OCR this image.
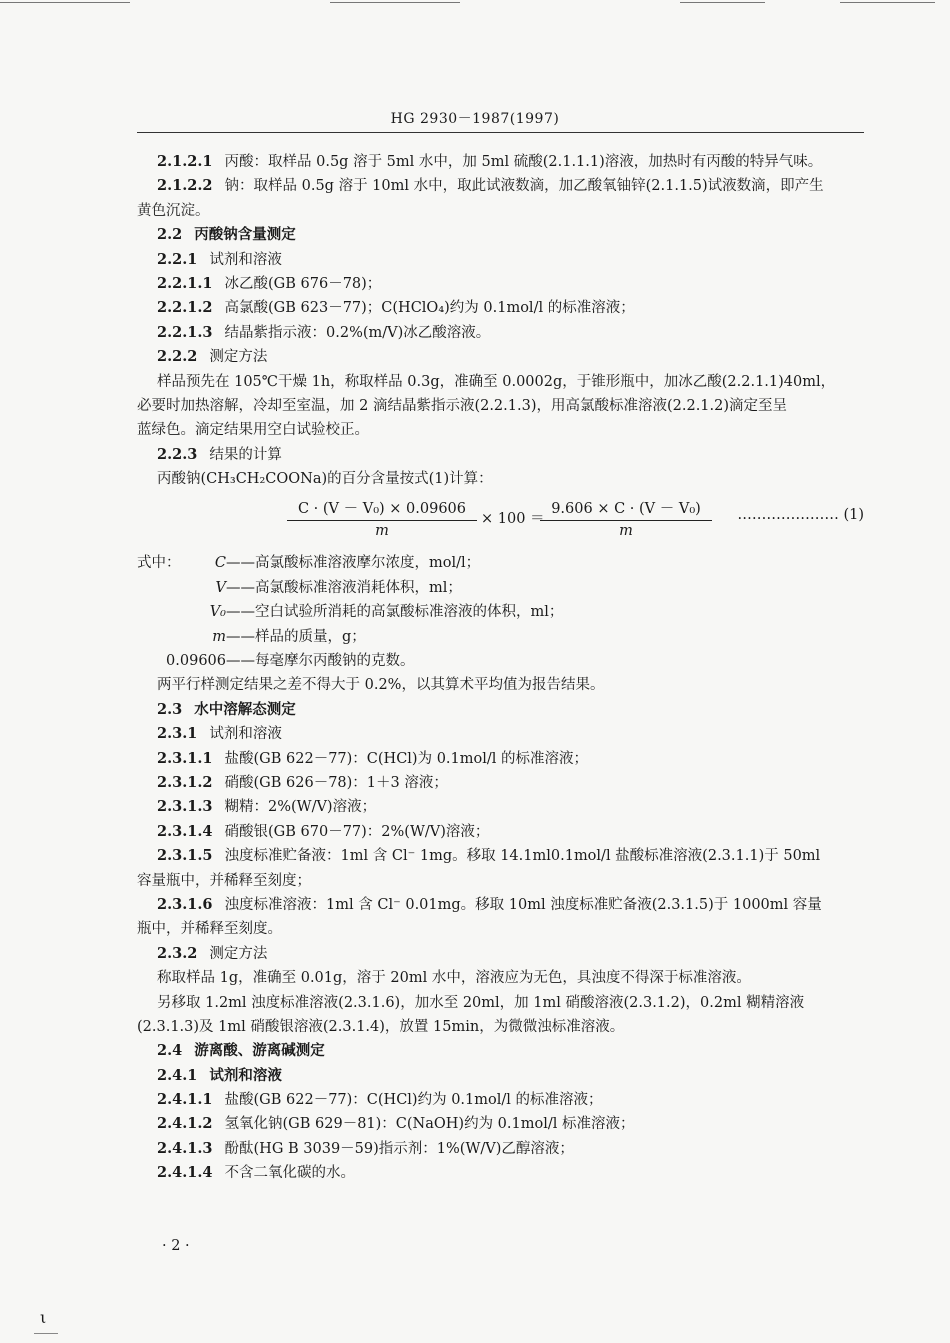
HG 2930－1987(1997)
2.1.2.1 丙酸：取样品 0.5g 溶于 5ml 水中，加 5ml 硫酸(2.1.1.1)溶液，加热时有丙酸的特异气味。
2.1.2.2 钠：取样品 0.5g 溶于 10ml 水中，取此试液数滴，加乙酸氧铀锌(2.1.1.5)试液数滴，即产生
黄色沉淀。
2.2 丙酸钠含量测定
2.2.1 试剂和溶液
2.2.1.1 冰乙酸(GB 676－78)；
2.2.1.2 高氯酸(GB 623－77)；C(HClO₄)约为 0.1mol/l 的标准溶液；
2.2.1.3 结晶紫指示液：0.2%(m/V)冰乙酸溶液。
2.2.2 测定方法
样品预先在 105℃干燥 1h，称取样品 0.3g，准确至 0.0002g，于锥形瓶中，加冰乙酸(2.2.1.1)40ml，
必要时加热溶解，冷却至室温，加 2 滴结晶紫指示液(2.2.1.3)，用高氯酸标准溶液(2.2.1.2)滴定至呈
蓝绿色。滴定结果用空白试验校正。
2.2.3 结果的计算
丙酸钠(CH₃CH₂COONa)的百分含量按式(1)计算：
$\frac{\text{C · (V － V₀) × 0.09606}}{m} \times 100$ ＝
$\frac{\text{9.606 × C · (V － V₀)}}{m}$ ………………… (1)
式中： C ——高氯酸标准溶液摩尔浓度，mol/l；
V ——高氯酸标准溶液消耗体积，ml；
V₀ ——空白试验所消耗的高氯酸标准溶液的体积，ml；
m ——样品的质量，g；
0.09606 ——每毫摩尔丙酸钠的克数。
两平行样测定结果之差不得大于 0.2%，以其算术平均值为报告结果。
2.3 水中溶解态测定
2.3.1 试剂和溶液
2.3.1.1 盐酸(GB 622－77)：C(HCl)为 0.1mol/l 的标准溶液；
2.3.1.2 硝酸(GB 626－78)：1＋3 溶液；
2.3.1.3 糊精：2%(W/V)溶液；
2.3.1.4 硝酸银(GB 670－77)：2%(W/V)溶液；
2.3.1.5 浊度标准贮备液：1ml 含 Cl⁻ 1mg。移取 14.1ml0.1mol/l 盐酸标准溶液(2.3.1.1)于 50ml
容量瓶中，并稀释至刻度；
2.3.1.6 浊度标准溶液：1ml 含 Cl⁻ 0.01mg。移取 10ml 浊度标准贮备液(2.3.1.5)于 1000ml 容量
瓶中，并稀释至刻度。
2.3.2 测定方法
称取样品 1g，准确至 0.01g，溶于 20ml 水中，溶液应为无色，具浊度不得深于标准溶液。
另移取 1.2ml 浊度标准溶液(2.3.1.6)，加水至 20ml，加 1ml 硝酸溶液(2.3.1.2)，0.2ml 糊精溶液
(2.3.1.3)及 1ml 硝酸银溶液(2.3.1.4)，放置 15min，为微微浊标准溶液。
2.4 游离酸、游离碱测定
2.4.1 试剂和溶液
2.4.1.1 盐酸(GB 622－77)：C(HCl)约为 0.1mol/l 的标准溶液；
2.4.1.2 氢氧化钠(GB 629－81)：C(NaOH)约为 0.1mol/l 标准溶液；
2.4.1.3 酚酞(HG B 3039－59)指示剂：1%(W/V)乙醇溶液；
2.4.1.4 不含二氧化碳的水。
· 2 ·
ι
